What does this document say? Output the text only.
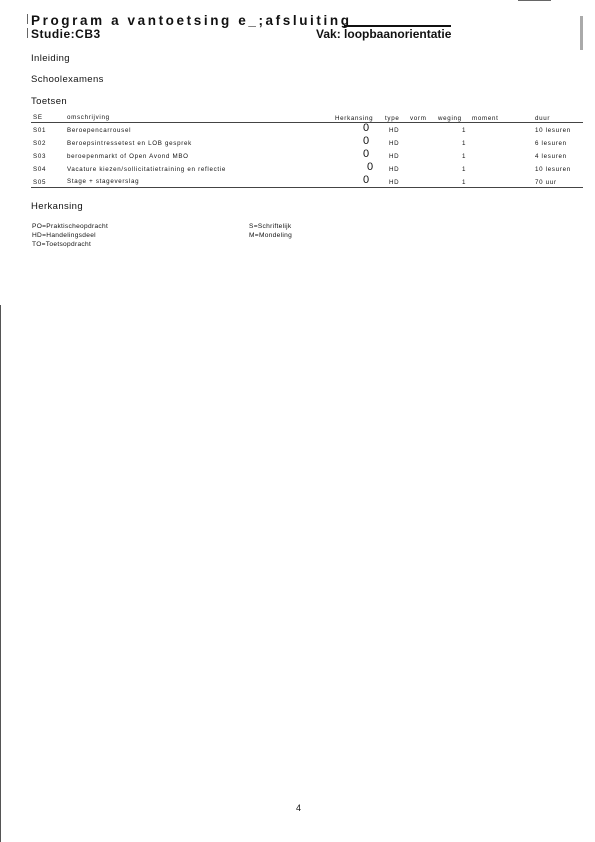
Program a vantoetsing e_;afsluiting
Studie:CB3	Vak: loopbaanorientatie
Inleiding
Schoolexamens
Toetsen
SE	omschrijving	Herkansing type vorm weging moment	duur
S01	Beroepencarrousel	0	HD	1	10 lesuren
S02	Beroepsintressetest en LOB gesprek	0	HD	1	6 lesuren
S03	beroepenmarkt of Open Avond MBO	0	HD	1	4 lesuren
S04	Vacature kiezen/sollicitatietraining en reflectie	0 HD	1	10 lesuren
S05	Stage + stageverslag	0	HD	1	70 uur
Herkansing
PO=Praktischeopdracht
HD=Handelingsdeel
TO=Toetsopdracht
S=Schriftelijk
M=Mondeling
4
